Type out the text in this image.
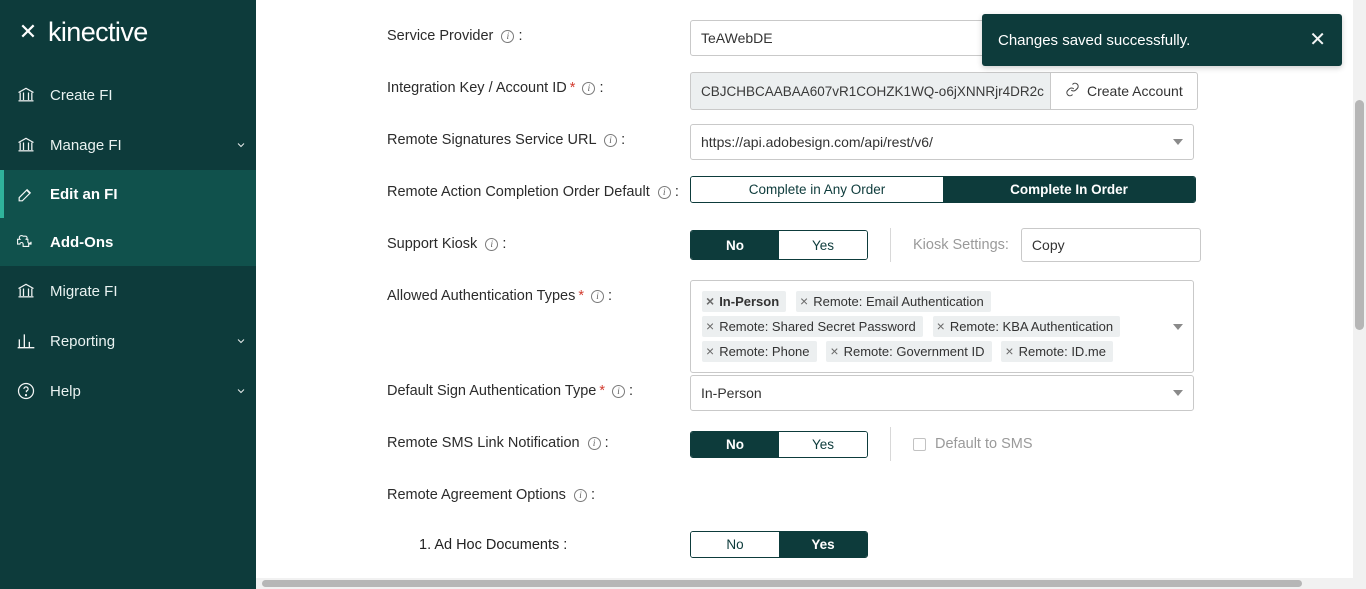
✕ kinective
Create FI
Manage FI
Edit an FI
Add-Ons
Migrate FI
Reporting
Help
Service Provider i :
TeAWebDE
Integration Key / Account ID * i :	CBJCHBCAABAA607vR1COHZK1WQ-o6jXNNRjr4DR2c	Create Account
Remote Signatures Service URL i :	https://api.adobesign.com/api/rest/v6/
Remote Action Completion Order Default i :	Complete in Any Order	Complete In Order
Support Kiosk i :	No	Yes	Kiosk Settings: Copy
Allowed Authentication Types * i :	× In-Person
× Remote: Email Authentication

× Remote: Shared Secret Password
× Remote: KBA Authentication

× Remote: Phone
× Remote: Government ID
× Remote: ID.me
Default Sign Authentication Type * i :	In-Person
Remote SMS Link Notification i :	No	Yes	Default to SMS
Remote Agreement Options i :
1. Ad Hoc Documents :	No	Yes
Changes saved successfully.	✕
